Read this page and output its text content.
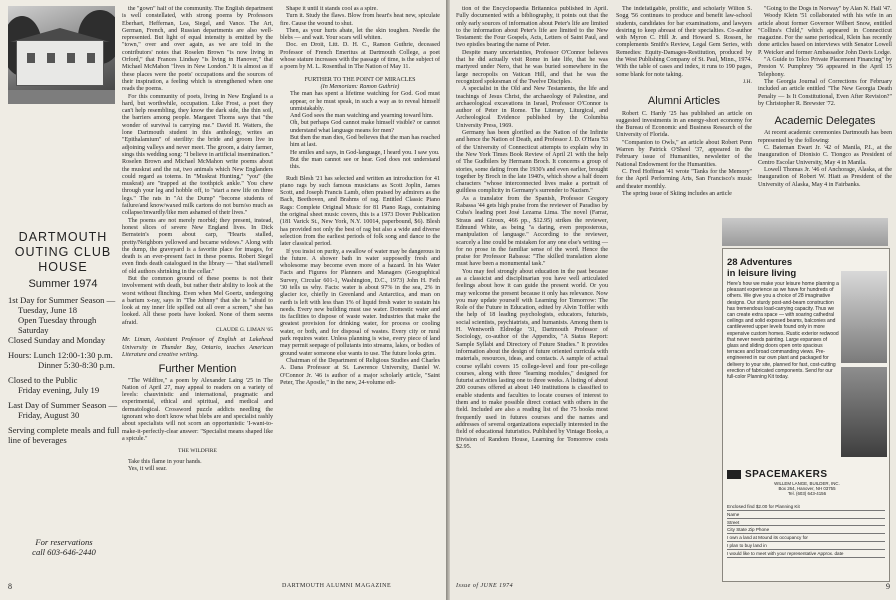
DARTMOUTH
OUTING CLUB
HOUSE
Summer 1974
1st Day for Summer Season —
Tuesday, June 18
Open Tuesday through
Saturday
Closed Sunday and Monday

Hours: Lunch 12:00-1:30 p.m.
Dinner 5:30-8:30 p.m.

Closed to the Public
Friday evening, July 19

Last Day of Summer Season —
Friday, August 30

Serving complete meals and full
line of beverages
For reservations
call 603-646-2440

the "gown" half of the community. The English department is well constellated, with strong poems by Professors Eberhart, Heffernan, Lea, Siegel, and Vance. The Art, German, French, and Russian departments are also well-represented. But light of equal intensity is emitted by the "town," over and over again, as we are told in the contributors' notes that Roselen Brown "is now living in Orford," that Frances Lindsay "is living in Hanover," that Michael McMahon "lives in New London." It is almost as if these places were the poets' occupations and the sources of their inspiration, a feeling which is strengthened when one reads the poems.

For this community of poets, living in New England is a hard, but worthwhile, occupation. Like Frost, a poet they can't help resembling, they know the dark side, the thin soil, the barriers among people. Margaret Thoms says that "the wonder of survival is carrying me." David H. Watters, the lone Dartmouth student in this anthology, writes an "Epithalamium" of sterility: the bride and groom live in adjoining valleys and never meet. The groom, a dairy farmer, sings this wedding song: "I believe in artificial insemination." Roselen Brown and Michael McMahon write poems about the muskrat and the rat, two animals which New Englanders could regard as totems. In "Muskrat Hunting," "you" (the muskrat) are "trapped at the toothpick ankle." You chew through your leg and hobble off, to "start a new life on three legs." The rats in "At the Dump" "become students of failure/and know/waxed milk cartons do not burn/so much as collapse/inwardly/like men ashamed of their lives."

The poems are not merely morbid; they present, instead, honest slices of severe New England lives. In Dick Bernstein's poem about carp, "Hearts stalled, pretty/Neighbors yellowed and became widows." Along with the dump, the graveyard is a favorite place for images, for death is an ever-present fact in these poems. Robert Siegel even finds death catalogued in the library — "that stail/smell of old authors shrinking in the cellar."

But the common ground of these poems is not their involvement with death, but rather their ability to look at the worst without flinching. Even when Mel Goertz, undergoing a barium x-ray, says in "The Johnny" that she is "afraid to look at my inner life spilled out all over a screen," she has looked. All these poets have looked. None of them seems afraid.

CLAUDE G. LIMAN '65

Mr. Liman, Assistant Professor of English at Lakehead University in Thunder Bay, Ontario, teaches American Literature and creative writing.

Further Mention

"The Wildfire," a poem by Alexander Laing '25 in The Nation of April 27, may appeal to readers on a variety of levels: chauvinistic and international, pragmatic and experimental, ethical and spiritual, and medical and dermatological. Crossword puzzle addicts needling the ignorant who don't know what blebs are and specialist rashly about specialists will not scorn an opportunistic 'I-want-to-make-it-perfectly-clear answer: "Specialist means shaped like a spicule."

THE WILDFIRE

Take this flame in your hands.
Yes, it will sear.

Shape it until it stands cool as a spire.

Turn it. Study the flaws. Blow from heart's heat new, spiculate fire. Cause the wound to shut.

Then, as your hurts abate, let the skin toughen. Needle the blebs — and wait. Your scars will whiten.

Doc. en Droit, Litt. D. H. C., Ramon Guthrie, deceased Professor of French Emeritus at Dartmouth College, a poet whose stature increases with the passage of time, is the subject of a poem by M. L. Rosenthal in The Nation of May 11.

FURTHER TO THE POINT OF MIRACLES

(In Memoriam: Ramon Guthrie)

The man has spent a lifetime watching for God. God must appear, or he must speak, in such a way as to reveal himself unmistakably.

And God sees the man watching and yearning toward him.

Oh, but perhaps God cannot make himself visible? or cannot understand what language means for men?

But then the man dies, God believes that the man has reached him at last.

He smiles and says, in God-language, I heard you. I saw you.

But the man cannot see or hear. God does not understand this.

Rudi Blesh '21 has selected and written an introduction for 41 piano rags by such famous musicians as Scott Joplin, James Scott, and Joseph Francis Lamb, often praised by admirers as the Bach, Beethoven, and Brahms of rag. Entitled Classic Piano Rags: Complete Original Music for 81 Piano Rags, containing the original sheet music covers, this is a 1973 Dover Publication (181 Varick St., New York, N.Y. 10014, paperbound, $6). Blesh has provided not only the best of rag but also a wide and diverse selection from the earliest periods of folk song and dance to the later classical period.

If you insist on purity, a swallow of water may be dangerous in the future. A shower bath in water supposedly fresh and wholesome may become even more of a hazard. In his Water Facts and Figures for Planners and Managers (Geographical Survey, Circular 601-1, Washington, D.C., 1973) John H. Feth '30 tells us why. Facts: water is about 97% in the sea, 2% in glacier ice, chiefly in Greenland and Antarctica, and man on earth is left with less than 1% of liquid fresh water to sustain his needs. Every new building must use water. Domestic water and its facilities to dispose of waste water. Industries that make the greatest provision for drinking water, for process or cooling water, or both, and for disposal of wastes. Every city or rural park requires water. Unless planning is wise, every piece of land may permit seepage of pollutants into streams, lakes, or bodies of ground water someone else wants to use. The future looks grim.

Chairman of the Department of Religious Studies and Charles A. Dana Professor at St. Lawrence University, Daniel W. O'Connor Jr. '46 is author of a major scholarly article, "Saint Peter, The Apostle," in the new, 24-volume edi-

8	DARTMOUTH ALUMNI MAGAZINE

tion of the Encyclopaedia Britannica published in April. Fully documented with a bibliography, it points out that the only early sources of information about Peter's life are limited to the information about Peter's life are limited to the New Testament: the Four Gospels, Acts, Letters of Saint Paul, and two epistles bearing the name of Peter.

Despite many uncertainties, Professor O'Connor believes that he did actually visit Rome in late life, that he was martyred under Nero, that he was buried somewhere in the large necropolis on Vatican Hill, and that he was the recognized spokesman of the Twelve Disciples.

A specialist in the Old and New Testaments, the life and teachings of Jesus Christ, the archaeology of Palestine, and archaeological excavations in Israel, Professor O'Connor is author of Peter in Rome. The Literary, Liturgical, and Archeological Evidence published by the Columbia University Press, 1969.

Germany has been glorified as the Nation of the Infinite and hence the Nation of Death, and Professor J. D. O'Hara '53 of the University of Connecticut attempts to explain why in the New York Times Book Review of April 21 with the help of The Gudbilers by Hermann Broch. It concerns a group of stories, some dating from the 1930's and even earlier, brought together by Broch in the late 1940's, which show a half dozen characters "whose interconnected lives make a portrait of guiltless complicity in Germany's surrender to Nazism."

As a translator from the Spanish, Professor Gregory Rabassa '44 gets high praise from the reviewer of Paradiso by Cuba's leading poet José Lezama Lima. The novel (Farrar, Straus and Giroux, 466 pp., $12.95) strikes the reviewer, Edmund White, as being "a daring, even preposterous, manipulation of language." According to the reviewer, scarcely a line could be mistaken for any one else's writing — for no prose in the familiar sense of the word. Hence the praise for Professor Rabassa: "The skilled translation alone must have been a monumental task."

You may feel strongly about education in the past because as a classicist and disciplinarian you have well articulated feelings about how it can guide the present world. Or you may welcome the present because it only has relevance. Now you may update yourself with Learning for Tomorrow: The Role of the Future in Education, edited by Alvin Toffler with the help of 18 leading psychologists, educators, futurists, social scientists, psychiatrists, and humanists. Among them is H. Wentworth Eldredge '31, Dartmouth Professor of Sociology, co-author of the Appendix, "A Status Report: Sample Syllabi and Directory of Future Studies." It provides information about the design of future oriented curricula with materials, resources, ideas, and contacts. A sample of actual course syllabi covers 15 college-level and four pre-college courses, along with three "learning modules," designed for futurist activities lasting one to three weeks. A listing of about 200 courses offered at about 140 institutions is classified to enable students and faculties to locate courses of interest to them and to make possible direct contact with others in the field. Included are also a reading list of the 75 books most frequently used in futures courses and the names and addresses of several organizations especially interested in the field of educational futuristics. Published by Vintage Books, a Division of Random House, Learning for Tomorrow costs $2.95.

The indefatigable, prolific, and scholarly Wilton S. Sogg '56 continues to produce and benefit law-school students, candidates for bar examinations, and lawyers desiring to keep abreast of their specialties. Co-author with Myron C. Hill Jr. and Howard S. Rossen, he complements Smith's Review, Legal Gem Series, with Remedies: Equity-Damages-Restitution, produced by the West Publishing Company of St. Paul, Minn., 1974. With the table of cases and index, it runs to 190 pages, some blank for note taking.

J.H.

Alumni Articles

Robert C. Hardy '25 has published an article on suggested investments in an energy-short economy for the Bureau of Economic and Business Research of the University of Florida.

"Companion to Owls," an article about Robert Penn Warren by Patrick O'Sheel '37, appeared in the February issue of Humanities, newsletter of the National Endowment for the Humanities.

C. Fred Hoffman '41 wrote "Tanks for the Memory" for the April Performing Arts, San Francisco's music and theater monthly.

The spring issue of Skiing includes an article

"Going to the Dogs in Norway" by Alan N. Hall '47.

Woody Klein '51 collaborated with his wife in an article about former Governor Wilbert Snow, entitled "Collins's Child," which appeared in Connecticut magazine. For the same periodical, Klein has recently done articles based on interviews with Senator Lowell P. Weicker and former Ambassador John Davis Lodge.

"A Guide to Telco Private Placement Financing" by Preston V. Pumphrey '56 appeared in the April 15 Telephony.

The Georgia Journal of Corrections for February included an article entitled "The New Georgia Death Penalty — Is It Constitutional, Even After Revision?" by Christopher R. Brewster '72.

Academic Delegates

At recent academic ceremonies Dartmouth has been represented by the following:

C. Bateman Ewart Jr. '42 of Manila, P.I., at the inauguration of Dionisio C. Tiongco as President of Centro Escolar University, May 4 in Manila.

Lowell Thomas Jr. '46 of Anchorage, Alaska, at the inauguration of Robert W. Hiatt as President of the University of Alaska, May 4 in Fairbanks.

9
Issue of JUNE 1974
28 Adventures
in leisure living
Here's how we make your leisure home planning a pleasant experience as we have for hundreds of others. We give you a choice of 28 imaginative designs. Our sturdy post-and-beam construction has tremendous load-carrying capacity. Thus we can create extra space — with soaring cathedral ceilings and solid exposed beams, balconies and cantilevered upper levels found only in more expensive custom homes. Rustic exterior redwood that never needs painting. Large expanses of glass and sliding doors open onto spacious terraces and broad commanding views. Pre-engineered in our own plant and packaged for delivery to your site, planned for fast, cost-cutting erection of fabricated components. Send for our full-color Planning Kit today.
SPACEMAKERS
WILLEM LANGE, BUILDER, INC.
Box 264, Hanover, NH 03755
Tel. (603) 643-4156
Enclosed find $2.00 for Planning Kit
Name
Street
City State Zip Phone
I own a land at Mound its occupancy for
I plan to buy land in
I would like to meet with your representative Approx. date
